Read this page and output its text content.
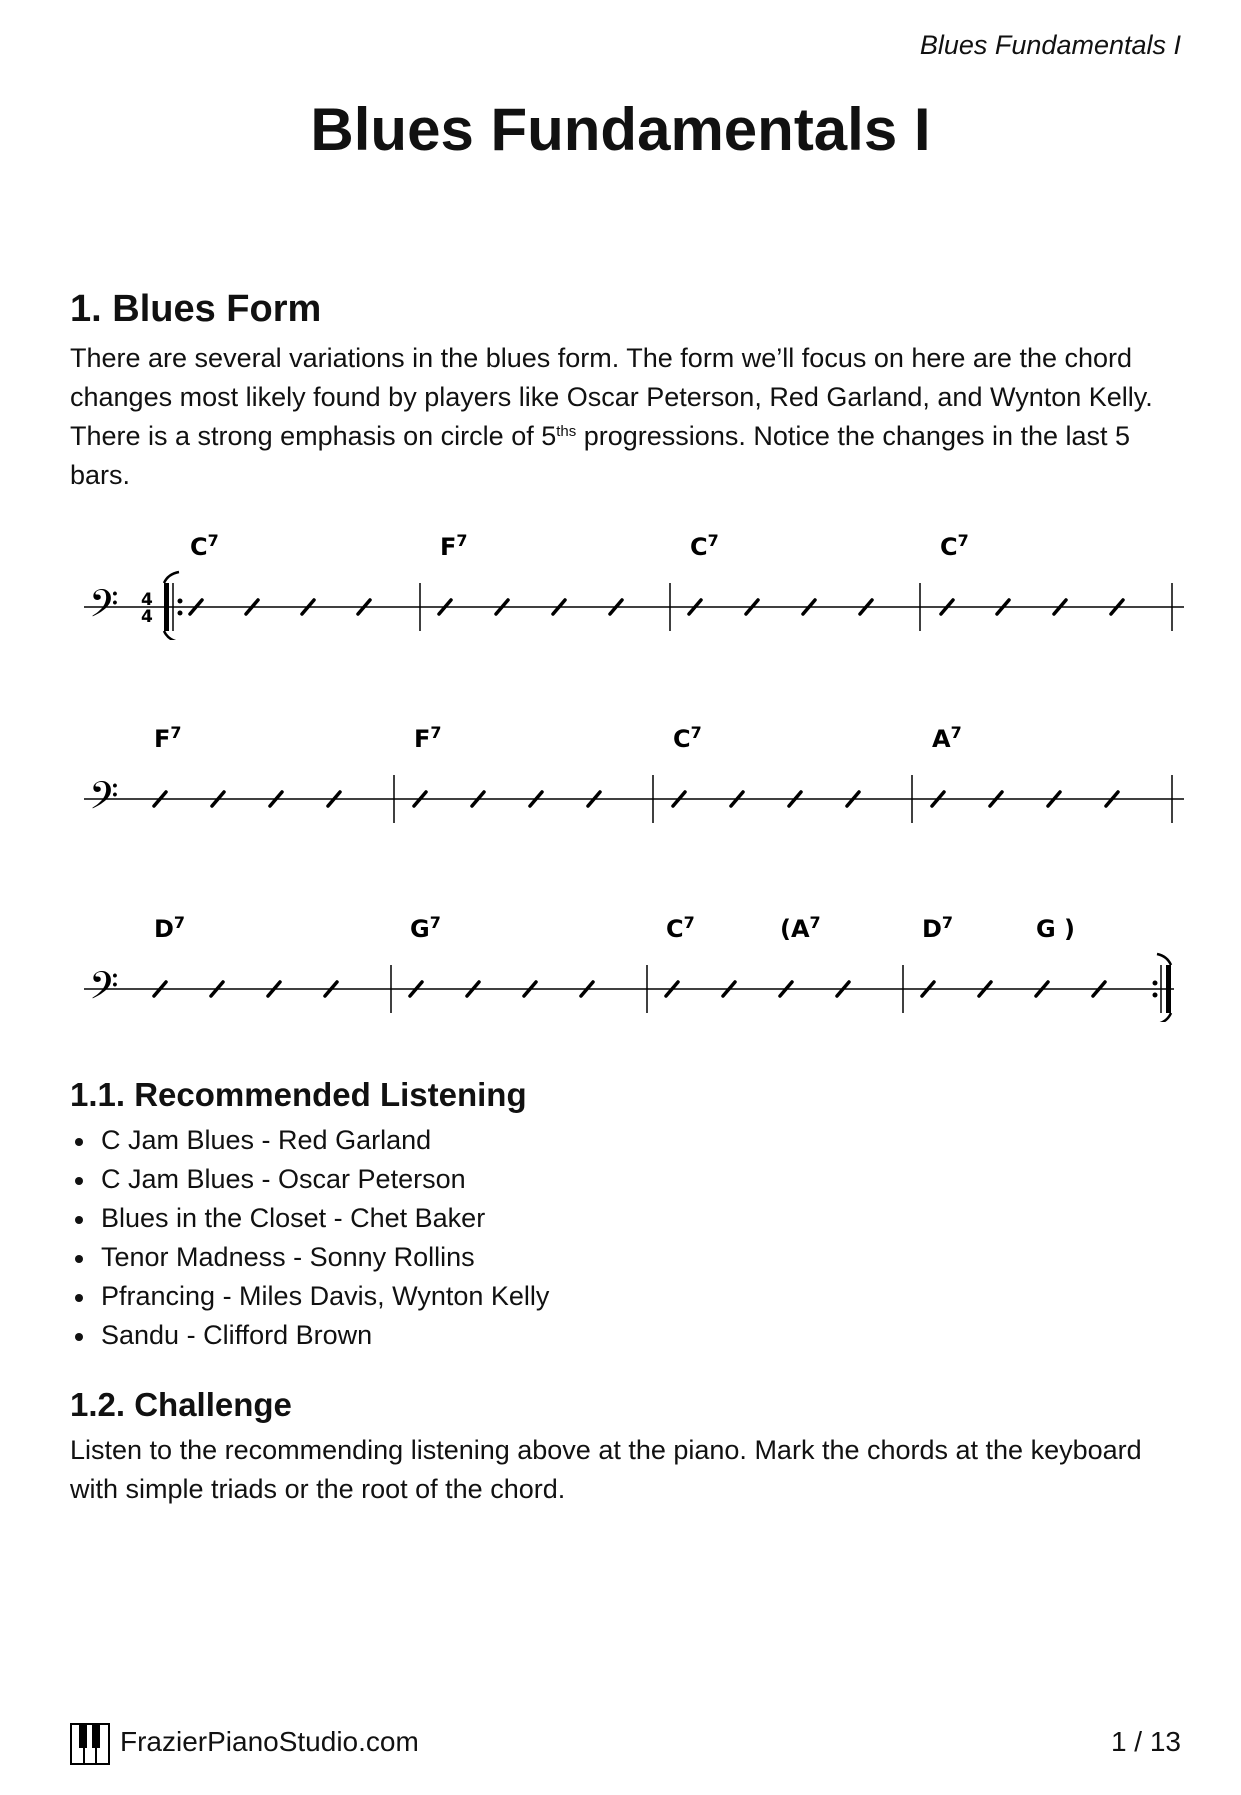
Blues Fundamentals I
Blues Fundamentals I
1. Blues Form

There are several variations in the blues form. The form we’ll focus on here are the chord changes most likely found by players like Oscar Peterson, Red Garland, and Wynton Kelly. There is a strong emphasis on circle of $5^{ths}$ progressions. Notice the changes in the last 5 bars.

𝄢 4
4
$C^7$	$F^7$	$C^7$	$C^7$
𝄢
$F^7$	$F^7$	$C^7$	$A^7$
𝄢
$D^7$	$G^7$	$C^7$	($A^7$	$D^7$	G )
1.1. Recommended Listening
C Jam Blues - Red Garland
C Jam Blues - Oscar Peterson
Blues in the Closet - Chet Baker
Tenor Madness - Sonny Rollins
Pfrancing - Miles Davis, Wynton Kelly
Sandu - Clifford Brown
1.2. Challenge

Listen to the recommending listening above at the piano. Mark the chords at the keyboard with simple triads or the root of the chord.

FrazierPianoStudio.com	1 / 13
